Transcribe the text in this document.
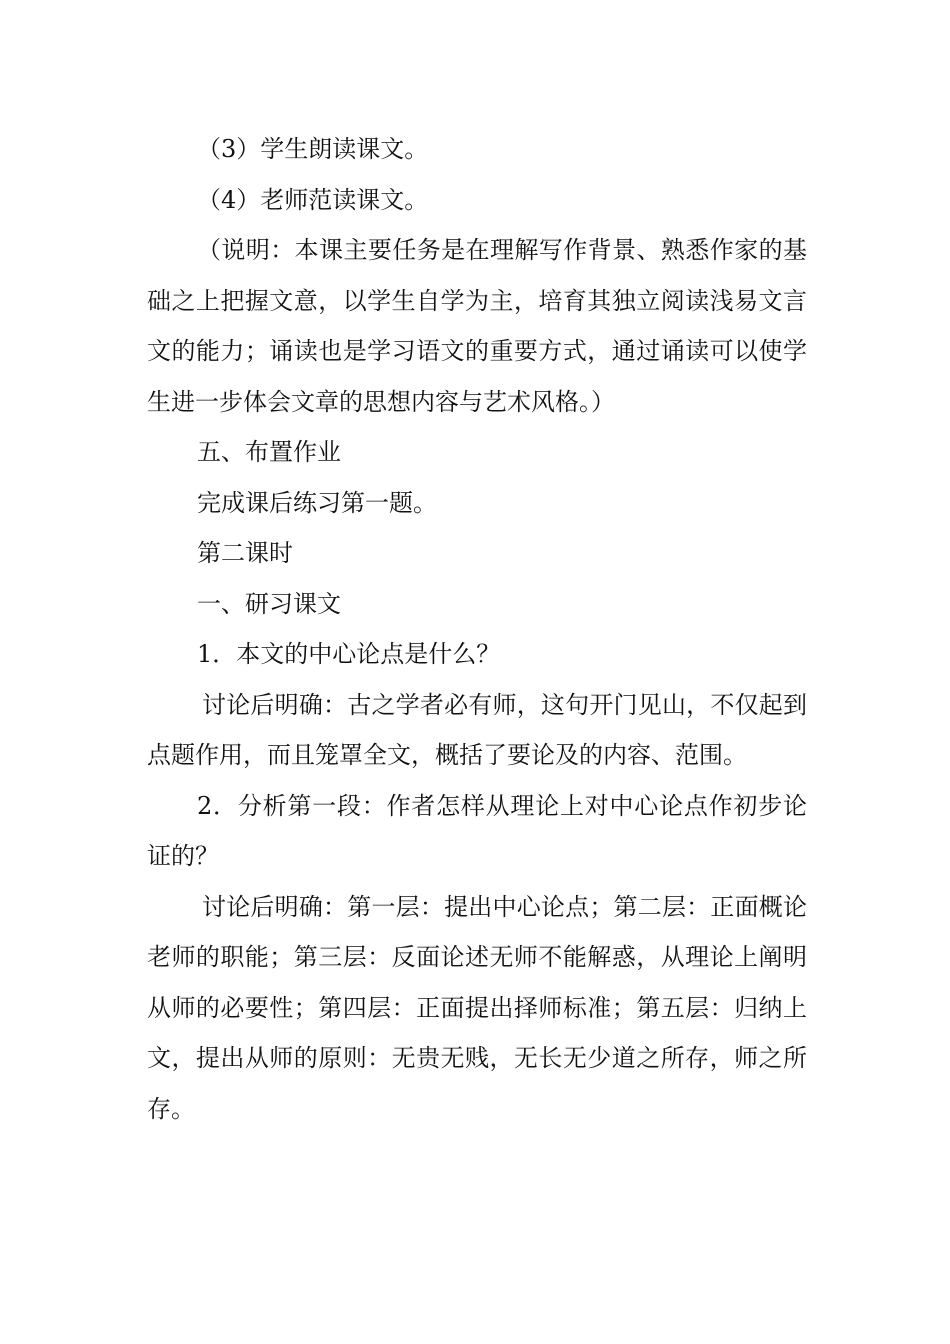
（3）学生朗读课文。

（4）老师范读课文。

（说明：本课主要任务是在理解写作背景、熟悉作家的基础之上把握文意，以学生自学为主，培育其独立阅读浅易文言文的能力；诵读也是学习语文的重要方式，通过诵读可以使学生进一步体会文章的思想内容与艺术风格。）

五、布置作业

完成课后练习第一题。

第二课时

一、研习课文

1．本文的中心论点是什么？

讨论后明确：古之学者必有师，这句开门见山，不仅起到点题作用，而且笼罩全文，概括了要论及的内容、范围。

2．分析第一段：作者怎样从理论上对中心论点作初步论证的？

讨论后明确：第一层：提出中心论点；第二层：正面概论老师的职能；第三层：反面论述无师不能解惑，从理论上阐明从师的必要性；第四层：正面提出择师标准；第五层：归纳上文，提出从师的原则：无贵无贱，无长无少道之所存，师之所存。
